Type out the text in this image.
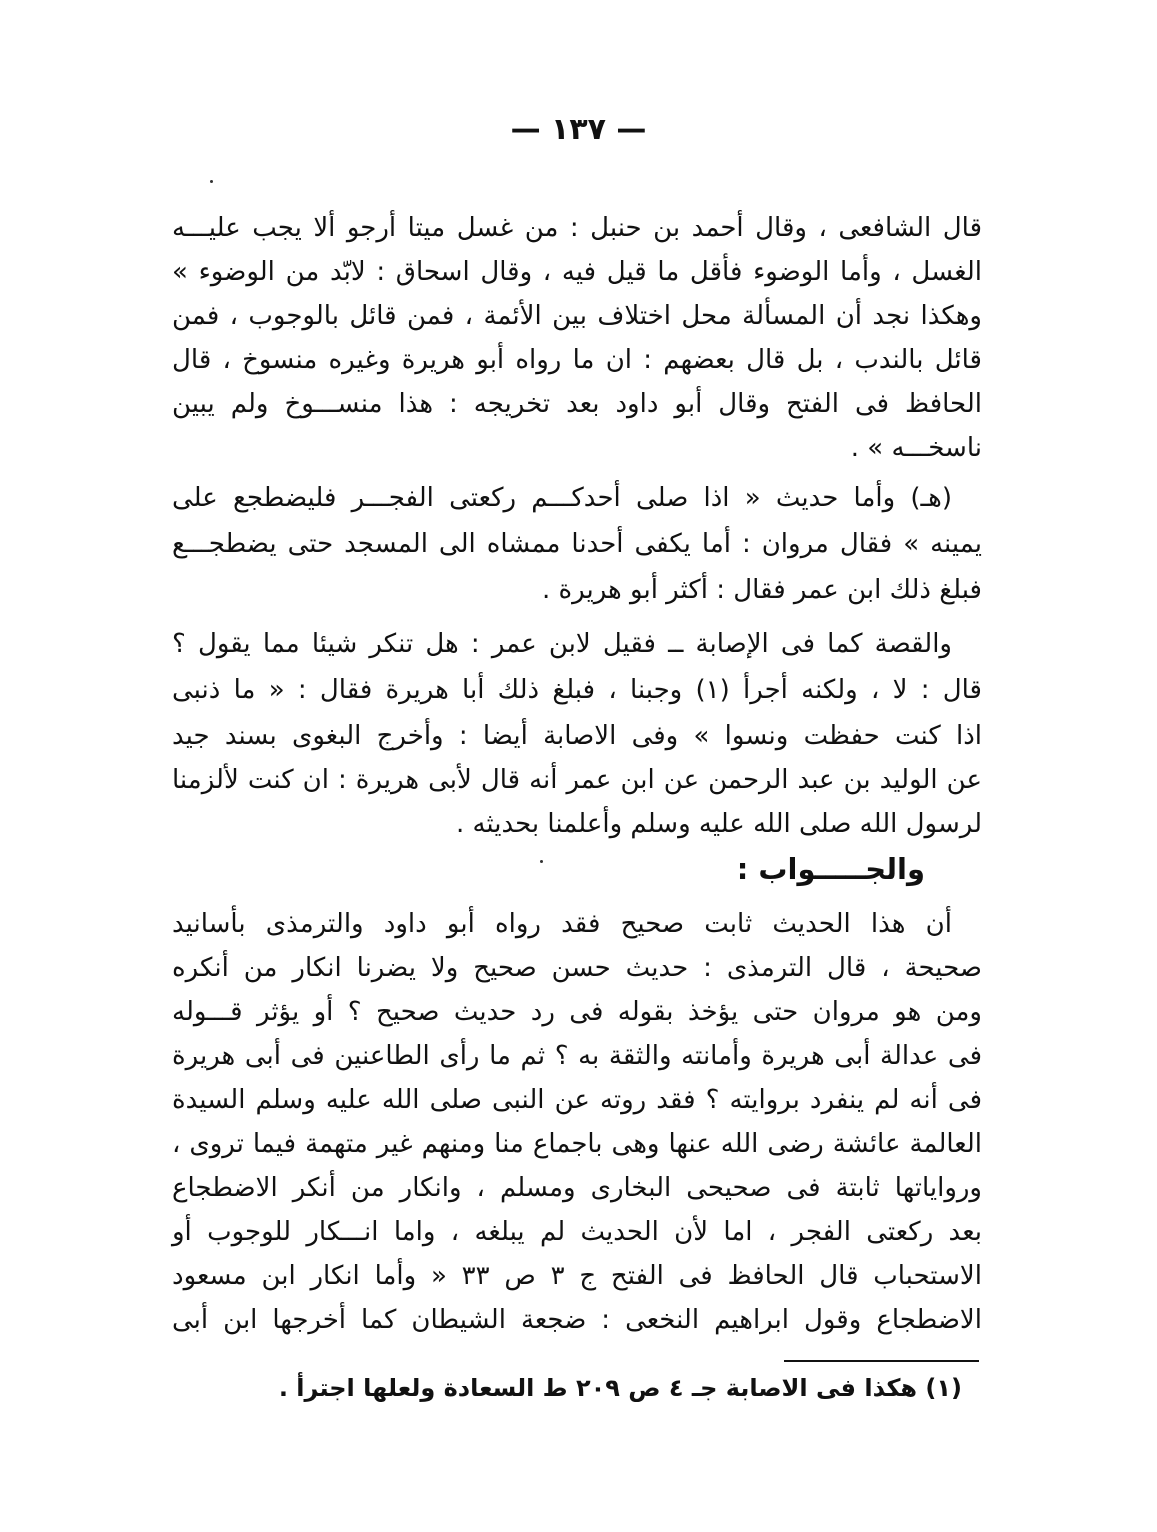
— ١٣٧ —
قال الشافعى ، وقال أحمد بن حنبل : من غسل ميتا أرجو ألا يجب عليـــه
الغسل ، وأما الوضوء فأقل ما قيل فيه ، وقال اسحاق : لابّد من الوضوء »
وهكذا نجد أن المسألة محل اختلاف بين الأئمة ، فمن قائل بالوجوب ، فمن
قائل بالندب ، بل قال بعضهم : ان ما رواه أبو هريرة وغيره منسوخ ، قال
الحافظ فى الفتح وقال أبو داود بعد تخريجه : هذا منســـوخ ولم يبين
ناسخـــه » .
(هـ) وأما حديث « اذا صلى أحدكـــم ركعتى الفجـــر فليضطجع على
يمينه » فقال مروان : أما يكفى أحدنا ممشاه الى المسجد حتى يضطجـــع
فبلغ ذلك ابن عمر فقال : أكثر أبو هريرة .
والقصة كما فى الإصابة ــ فقيل لابن عمر : هل تنكر شيئا مما يقول ؟
قال : لا ، ولكنه أجرأ (١) وجبنا ، فبلغ ذلك أبا هريرة فقال : « ما ذنبى
اذا كنت حفظت ونسوا » وفى الاصابة أيضا : وأخرج البغوى بسند جيد
عن الوليد بن عبد الرحمن عن ابن عمر أنه قال لأبى هريرة : ان كنت لألزمنا
لرسول الله صلى الله عليه وسلم وأعلمنا بحديثه .
والجـــــواب :
أن هذا الحديث ثابت صحيح فقد رواه أبو داود والترمذى بأسانيد
صحيحة ، قال الترمذى : حديث حسن صحيح ولا يضرنا انكار من أنكره
ومن هو مروان حتى يؤخذ بقوله فى رد حديث صحيح ؟ أو يؤثر قـــوله
فى عدالة أبى هريرة وأمانته والثقة به ؟ ثم ما رأى الطاعنين فى أبى هريرة
فى أنه لم ينفرد بروايته ؟ فقد روته عن النبى صلى الله عليه وسلم السيدة
العالمة عائشة رضى الله عنها وهى باجماع منا ومنهم غير متهمة فيما تروى ،
ورواياتها ثابتة فى صحيحى البخارى ومسلم ، وانكار من أنكر الاضطجاع
بعد ركعتى الفجر ، اما لأن الحديث لم يبلغه ، واما انـــكار للوجوب أو
الاستحباب قال الحافظ فى الفتح ج ٣ ص ٣٣ « وأما انكار ابن مسعود
الاضطجاع وقول ابراهيم النخعى : ضجعة الشيطان كما أخرجها ابن أبى
(١) هكذا فى الاصابة جـ ٤ ص ٢٠٩ ط السعادة ولعلها اجترأ .
